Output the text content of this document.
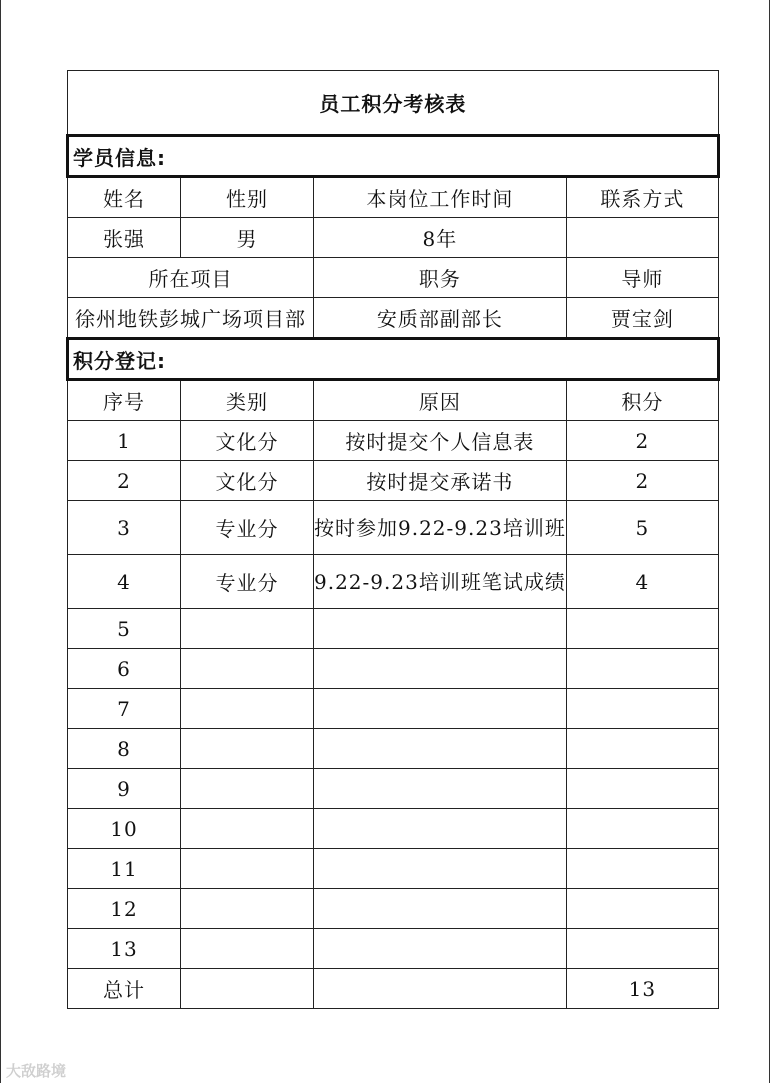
员工积分考核表			
学员信息:			
姓名	性别	本岗位工作时间	联系方式
张强	男	8年	
所在项目		职务	导师
徐州地铁彭城广场项目部		安质部副部长	贾宝剑
积分登记:			
序号	类别	原因	积分
1	文化分	按时提交个人信息表	2
2	文化分	按时提交承诺书	2
3	专业分	按时参加9.22-9.23培训班	5
4	专业分	9.22-9.23培训班笔试成绩	4
5			
6			
7			
8			
9			
10			
11			
12			
13			
总计			13
大敌路境
